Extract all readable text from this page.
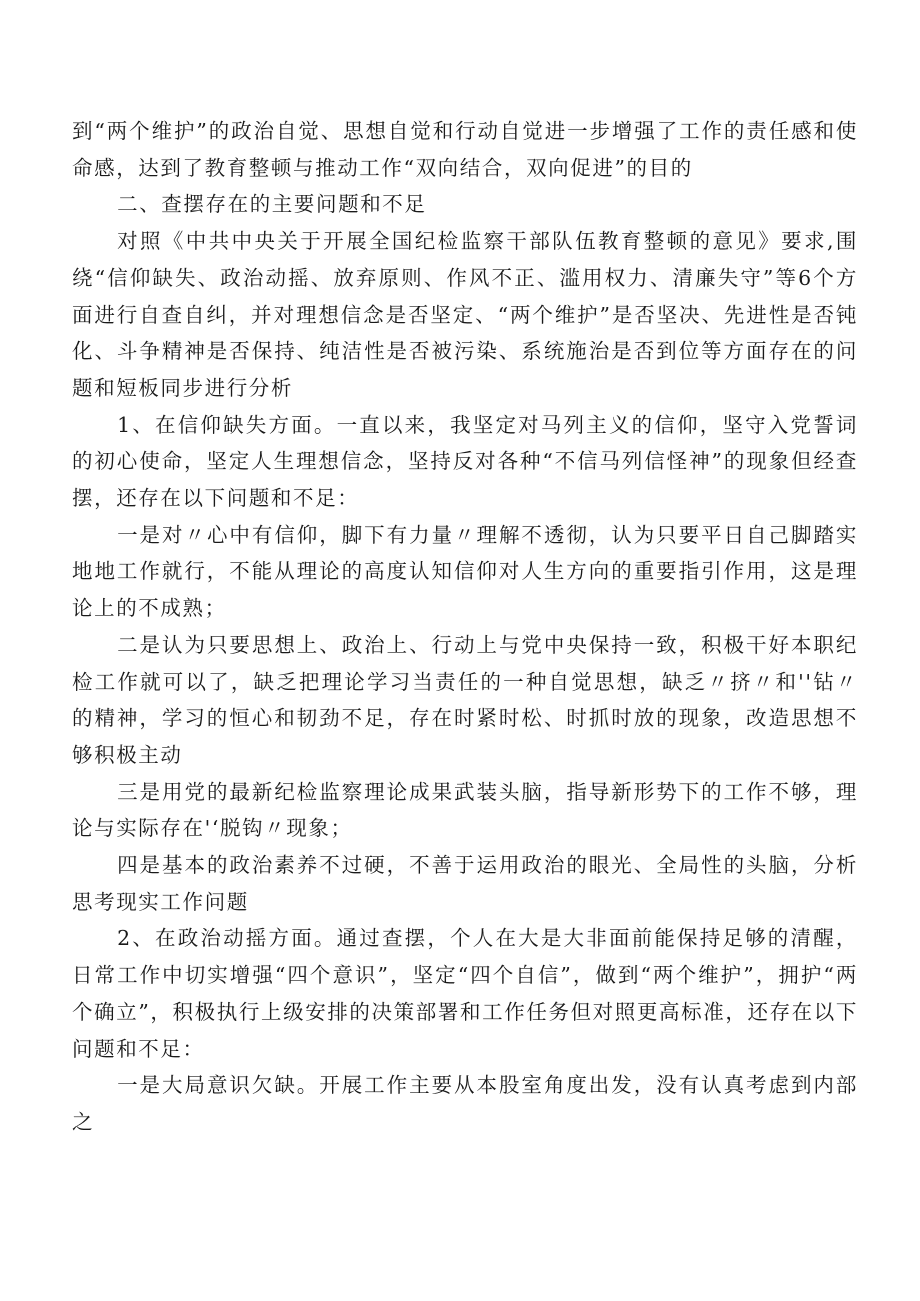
到“两个维护”的政治自觉、思想自觉和行动自觉进一步增强了工作的责任感和使命感，达到了教育整顿与推动工作“双向结合，双向促进”的目的

二、查摆存在的主要问题和不足

对照《中共中央关于开展全国纪检监察干部队伍教育整顿的意见》要求,围绕“信仰缺失、政治动摇、放弃原则、作风不正、滥用权力、清廉失守”等6个方面进行自查自纠，并对理想信念是否坚定、“两个维护”是否坚决、先进性是否钝化、斗争精神是否保持、纯洁性是否被污染、系统施治是否到位等方面存在的问题和短板同步进行分析

1、在信仰缺失方面。一直以来，我坚定对马列主义的信仰，坚守入党誓词的初心使命，坚定人生理想信念，坚持反对各种“不信马列信怪神”的现象但经查摆，还存在以下问题和不足：

一是对〃心中有信仰，脚下有力量〃理解不透彻，认为只要平日自己脚踏实地地工作就行，不能从理论的高度认知信仰对人生方向的重要指引作用，这是理论上的不成熟；

二是认为只要思想上、政治上、行动上与党中央保持一致，积极干好本职纪检工作就可以了，缺乏把理论学习当责任的一种自觉思想，缺乏〃挤〃和''钻〃的精神，学习的恒心和韧劲不足，存在时紧时松、时抓时放的现象，改造思想不够积极主动

三是用党的最新纪检监察理论成果武装头脑，指导新形势下的工作不够，理论与实际存在'‘脱钩〃现象；

四是基本的政治素养不过硬，不善于运用政治的眼光、全局性的头脑，分析思考现实工作问题

2、在政治动摇方面。通过查摆，个人在大是大非面前能保持足够的清醒，日常工作中切实增强“四个意识”，坚定“四个自信”，做到“两个维护”，拥护“两个确立”，积极执行上级安排的决策部署和工作任务但对照更高标准，还存在以下问题和不足：

一是大局意识欠缺。开展工作主要从本股室角度出发，没有认真考虑到内部之
